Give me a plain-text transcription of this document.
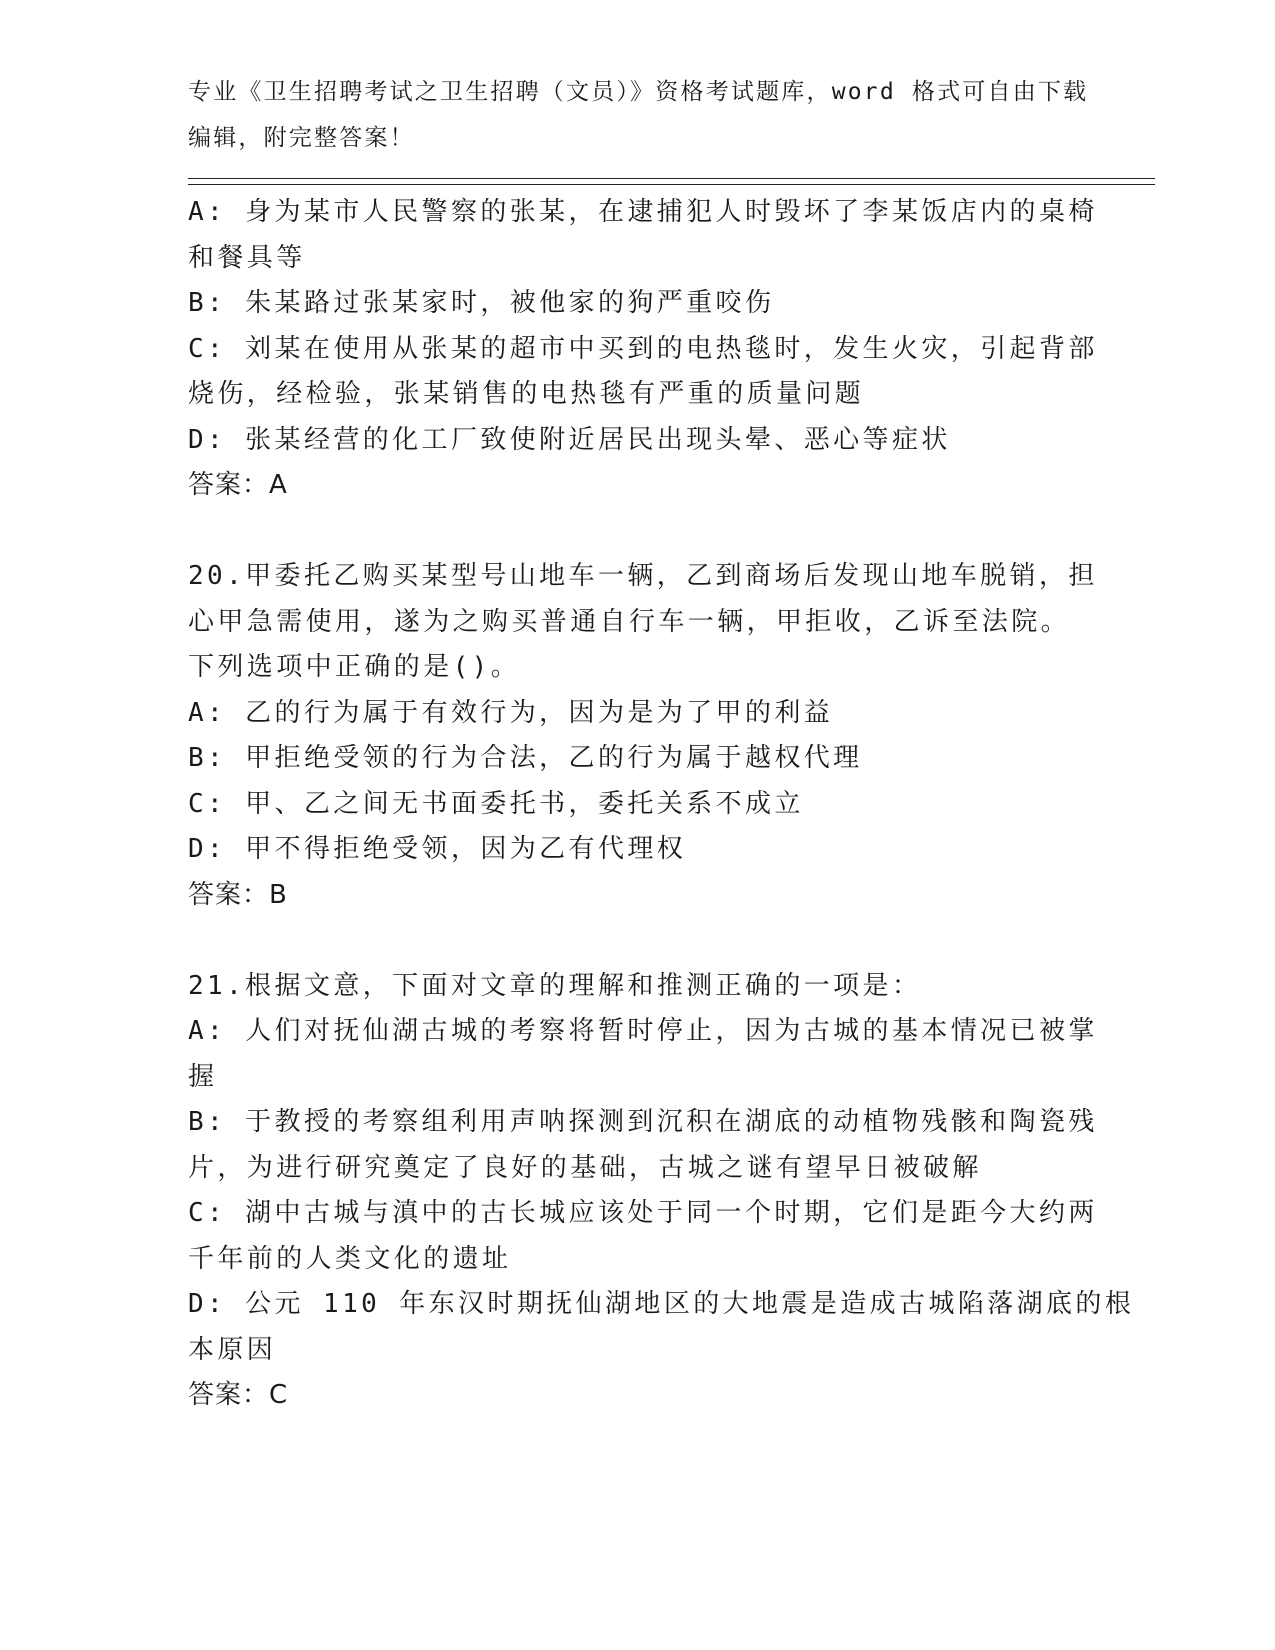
专业《卫生招聘考试之卫生招聘（文员）》资格考试题库，word 格式可自由下载
编辑，附完整答案！
A: 身为某市人民警察的张某，在逮捕犯人时毁坏了李某饭店内的桌椅
和餐具等
B: 朱某路过张某家时，被他家的狗严重咬伤
C: 刘某在使用从张某的超市中买到的电热毯时，发生火灾，引起背部
烧伤，经检验，张某销售的电热毯有严重的质量问题
D: 张某经营的化工厂致使附近居民出现头晕、恶心等症状
答案：A
20.甲委托乙购买某型号山地车一辆，乙到商场后发现山地车脱销，担
心甲急需使用，遂为之购买普通自行车一辆，甲拒收，乙诉至法院。
下列选项中正确的是()。
A: 乙的行为属于有效行为，因为是为了甲的利益
B: 甲拒绝受领的行为合法，乙的行为属于越权代理
C: 甲、乙之间无书面委托书，委托关系不成立
D: 甲不得拒绝受领，因为乙有代理权
答案：B
21.根据文意，下面对文章的理解和推测正确的一项是：
A: 人们对抚仙湖古城的考察将暂时停止，因为古城的基本情况已被掌
握
B: 于教授的考察组利用声呐探测到沉积在湖底的动植物残骸和陶瓷残
片，为进行研究奠定了良好的基础，古城之谜有望早日被破解
C: 湖中古城与滇中的古长城应该处于同一个时期，它们是距今大约两
千年前的人类文化的遗址
D: 公元 110 年东汉时期抚仙湖地区的大地震是造成古城陷落湖底的根
本原因
答案：C
